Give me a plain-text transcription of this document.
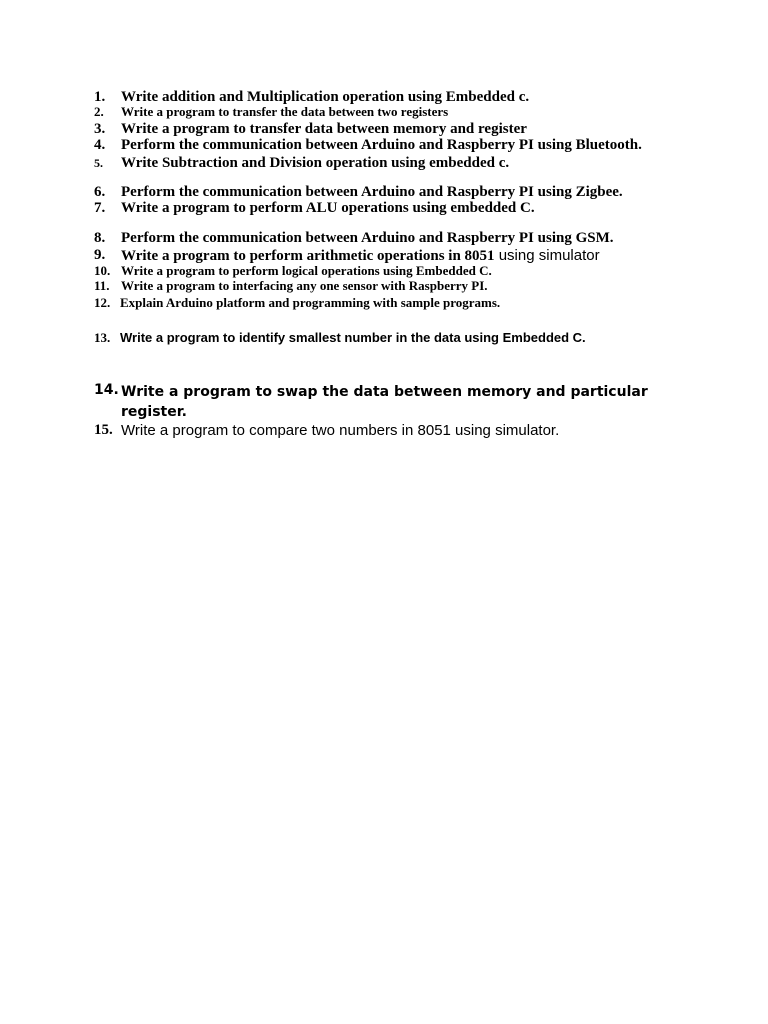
1. Write addition and Multiplication operation using Embedded c.
2. Write a program to transfer the data between two registers
3. Write a program to transfer data between memory and register
4. Perform the communication between Arduino and Raspberry PI using Bluetooth.
5. Write Subtraction and Division operation using embedded c.
6. Perform the communication between Arduino and Raspberry PI using Zigbee.
7. Write a program to perform ALU operations using embedded C.
8. Perform the communication between Arduino and Raspberry PI using GSM.
9. Write a program to perform arithmetic operations in 8051 using simulator
10. Write a program to perform logical operations using Embedded C.
11. Write a program to interfacing any one sensor with Raspberry PI.
12. Explain Arduino platform and programming with sample programs.
13. Write a program to identify smallest number in the data using Embedded C.
14. Write a program to swap the data between memory and particular register.
15. Write a program to compare two numbers in 8051 using simulator.
